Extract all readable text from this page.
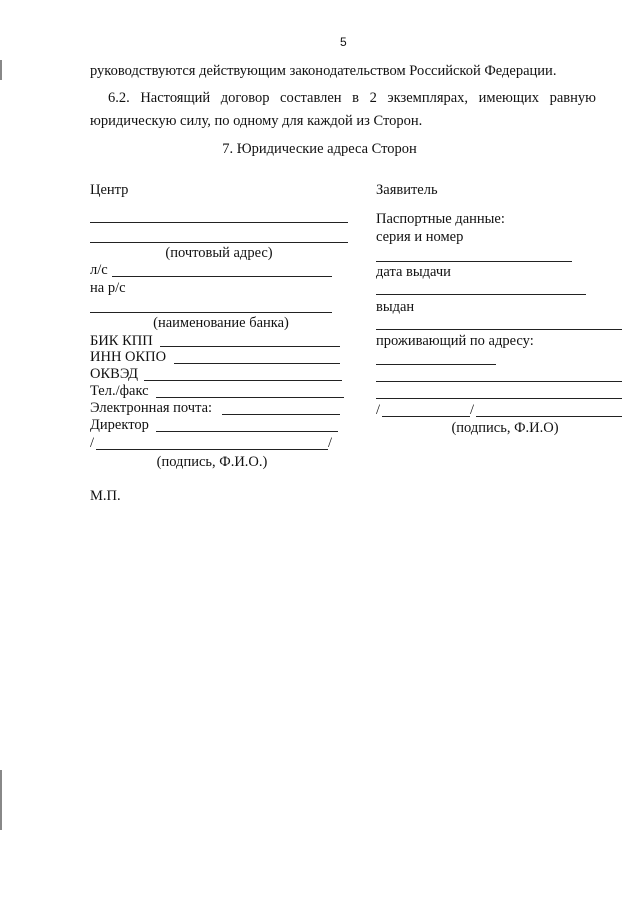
5
руководствуются действующим законодательством Российской Федерации.
6.2. Настоящий договор составлен в 2 экземплярах, имеющих равную юридическую силу, по одному для каждой из Сторон.
7. Юридические адреса Сторон
Центр
(почтовый адрес)
л/с
на р/с
(наименование банка)
БИК КПП
ИНН ОКПО
ОКВЭД
Тел./факс
Электронная почта:
Директор
/	/
(подпись, Ф.И.О.)
Заявитель
Паспортные данные:
серия и номер
дата выдачи
выдан
проживающий по адресу:
/	/
(подпись, Ф.И.О)
М.П.
